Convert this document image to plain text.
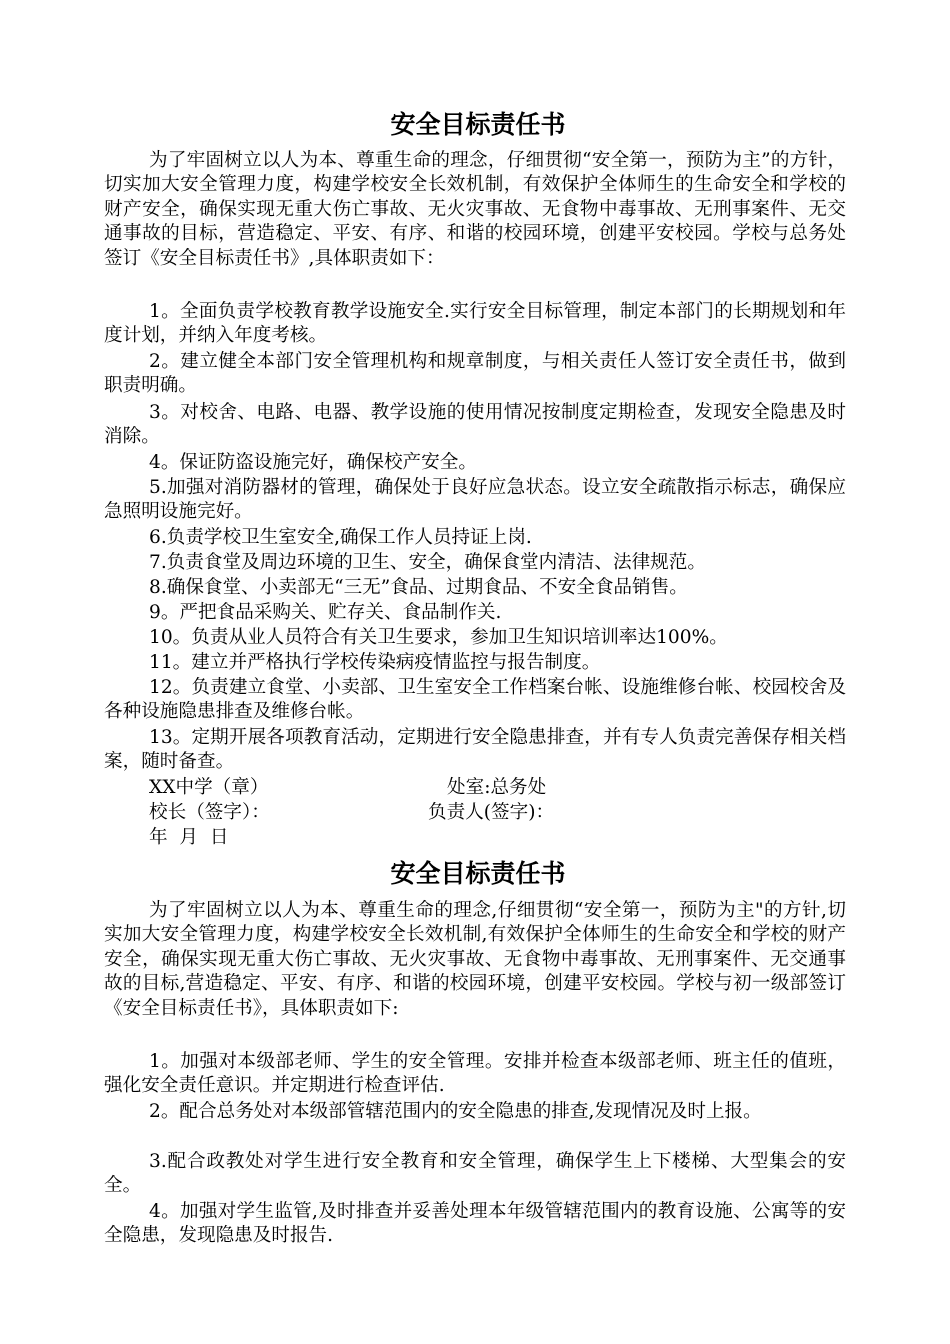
安全目标责任书
为了牢固树立以人为本、尊重生命的理念，仔细贯彻“安全第一，预防为主”的方针，切实加大安全管理力度，构建学校安全长效机制，有效保护全体师生的生命安全和学校的财产安全，确保实现无重大伤亡事故、无火灾事故、无食物中毒事故、无刑事案件、无交通事故的目标，营造稳定、平安、有序、和谐的校园环境，创建平安校园。学校与总务处签订《安全目标责任书》,具体职责如下：
1。全面负责学校教育教学设施安全.实行安全目标管理，制定本部门的长期规划和年度计划，并纳入年度考核。
2。建立健全本部门安全管理机构和规章制度，与相关责任人签订安全责任书，做到职责明确。
3。对校舍、电路、电器、教学设施的使用情况按制度定期检查，发现安全隐患及时消除。
4。保证防盗设施完好，确保校产安全。
5.加强对消防器材的管理，确保处于良好应急状态。设立安全疏散指示标志，确保应急照明设施完好。
6.负责学校卫生室安全,确保工作人员持证上岗.
7.负责食堂及周边环境的卫生、安全，确保食堂内清洁、法律规范。
8.确保食堂、小卖部无“三无”食品、过期食品、不安全食品销售。
9。严把食品采购关、贮存关、食品制作关.
10。负责从业人员符合有关卫生要求，参加卫生知识培训率达100%。
11。建立并严格执行学校传染病疫情监控与报告制度。
12。负责建立食堂、小卖部、卫生室安全工作档案台帐、设施维修台帐、校园校舍及各种设施隐患排查及维修台帐。
13。定期开展各项教育活动，定期进行安全隐患排查，并有专人负责完善保存相关档案，随时备查。
XX中学（章）	处室:总务处
校长（签字）：	负责人(签字)：
年  月  日
安全目标责任书
为了牢固树立以人为本、尊重生命的理念,仔细贯彻“安全第一，预防为主"的方针,切实加大安全管理力度，构建学校安全长效机制,有效保护全体师生的生命安全和学校的财产安全，确保实现无重大伤亡事故、无火灾事故、无食物中毒事故、无刑事案件、无交通事故的目标,营造稳定、平安、有序、和谐的校园环境，创建平安校园。学校与初一级部签订《安全目标责任书》，具体职责如下:
1。加强对本级部老师、学生的安全管理。安排并检查本级部老师、班主任的值班，强化安全责任意识。并定期进行检查评估.
2。配合总务处对本级部管辖范围内的安全隐患的排查,发现情况及时上报。
3.配合政教处对学生进行安全教育和安全管理，确保学生上下楼梯、大型集会的安全。
4。加强对学生监管,及时排查并妥善处理本年级管辖范围内的教育设施、公寓等的安全隐患，发现隐患及时报告.
